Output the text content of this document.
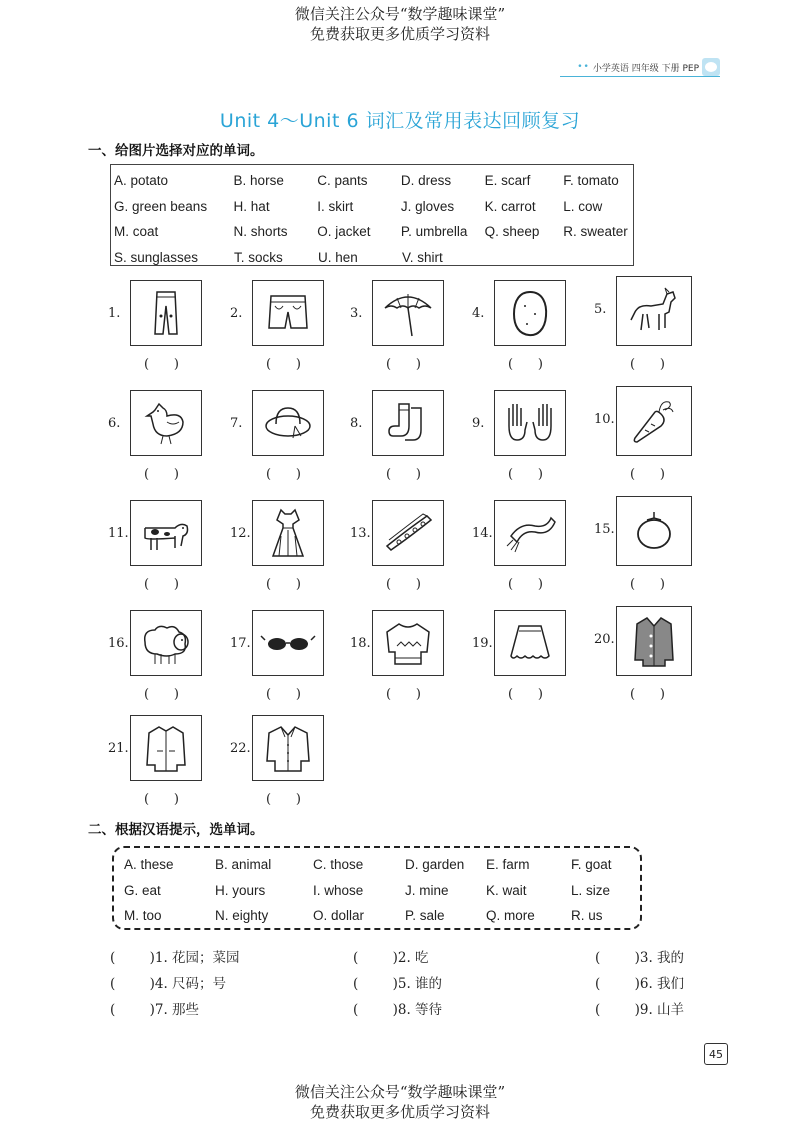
微信关注公众号“数学趣味课堂”
免费获取更多优质学习资料
•• 小学英语 四年级 下册 PEP
Unit 4～Unit 6 词汇及常用表达回顾复习
一、给图片选择对应的单词。
A. potato	B. horse	C. pants	D. dress	E. scarf	F. tomato
G. green beans	H. hat	I. skirt	J. gloves	K. carrot	L. cow
M. coat	N. shorts	O. jacket	P. umbrella	Q. sheep	R. sweater
S. sunglasses	T. socks	U. hen	V. shirt
1.
(      )
2.
(      )
3.
(      )
4.
(      )
5.
(      )
6.
(      )
7.
(      )
8.
(      )
9.
(      )
10.
(      )
11.
(      )
12.
(      )
13.
(      )
14.
(      )
15.
(      )
16.
(      )
17.
(      )
18.
(      )
19.
(      )
20.
(      )
21.
(      )
22.
(      )
二、根据汉语提示，选单词。
A. these	B. animal	C. those	D. garden	E. farm	F. goat
G. eat	H. yours	I. whose	J. mine	K. wait	L. size
M. too	N. eighty	O. dollar	P. sale	Q. more	R. us
(        )1. 花园；菜园	(        )2. 吃	(        )3. 我的
(        )4. 尺码；号	(        )5. 谁的	(        )6. 我们
(        )7. 那些	(        )8. 等待	(        )9. 山羊
45
微信关注公众号“数学趣味课堂”
免费获取更多优质学习资料
